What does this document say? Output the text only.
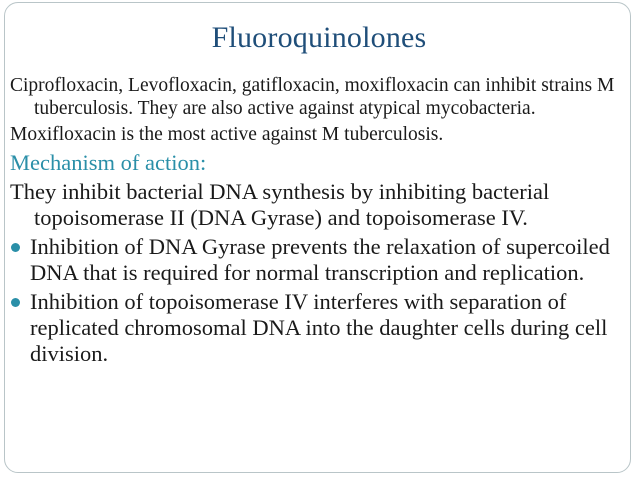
Fluoroquinolones

Ciprofloxacin, Levofloxacin, gatifloxacin, moxifloxacin can inhibit strains M tuberculosis. They are also active against atypical mycobacteria.

Moxifloxacin is the most active against M tuberculosis.

Mechanism of action:

They inhibit bacterial DNA synthesis by inhibiting bacterial topoisomerase II (DNA Gyrase) and topoisomerase IV.

Inhibition of DNA Gyrase prevents the relaxation of supercoiled DNA that is required for normal transcription and replication.

Inhibition of topoisomerase IV interferes with separation of replicated chromosomal DNA into the daughter cells during cell division.
